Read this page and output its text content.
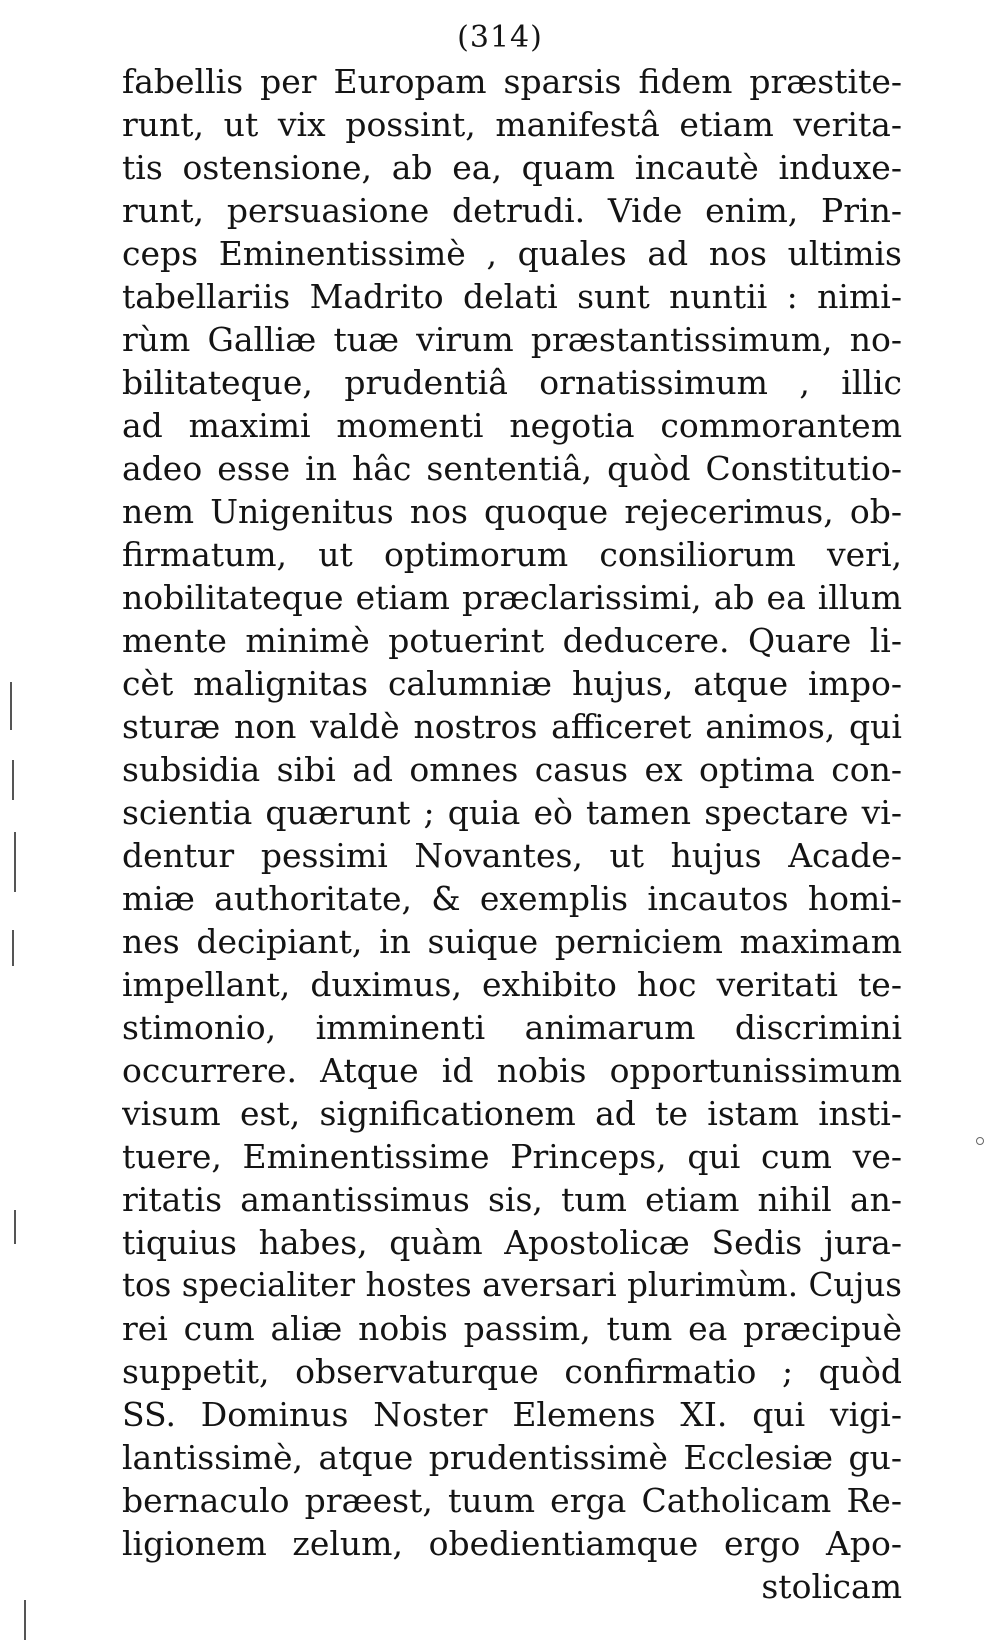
(314)
fabellis per Europam sparsis fidem præstite-
runt, ut vix possint, manifestâ etiam verita-
tis ostensione, ab ea, quam incautè induxe-
runt, persuasione detrudi. Vide enim, Prin-
ceps Eminentissimè , quales ad nos ultimis
tabellariis Madrito delati sunt nuntii : nimi-
rùm Galliæ tuæ virum præstantissimum, no-
bilitateque, prudentiâ ornatissimum , illic
ad maximi momenti negotia commorantem
adeo esse in hâc sententiâ, quòd Constitutio-
nem Unigenitus nos quoque rejecerimus, ob-
firmatum, ut optimorum consiliorum veri,
nobilitateque etiam præclarissimi, ab ea illum
mente minimè potuerint deducere. Quare li-
cèt malignitas calumniæ hujus, atque impo-
sturæ non valdè nostros afficeret animos, qui
subsidia sibi ad omnes casus ex optima con-
scientia quærunt ; quia eò tamen spectare vi-
dentur pessimi Novantes, ut hujus Acade-
miæ authoritate, & exemplis incautos homi-
nes decipiant, in suique perniciem maximam
impellant, duximus, exhibito hoc veritati te-
stimonio, imminenti animarum discrimini
occurrere. Atque id nobis opportunissimum
visum est, significationem ad te istam insti-
tuere, Eminentissime Princeps, qui cum ve-
ritatis amantissimus sis, tum etiam nihil an-
tiquius habes, quàm Apostolicæ Sedis jura-
tos specialiter hostes aversari plurimùm. Cujus
rei cum aliæ nobis passim, tum ea præcipuè
suppetit, observaturque confirmatio ; quòd
SS. Dominus Noster Elemens XI. qui vigi-
lantissimè, atque prudentissimè Ecclesiæ gu-
bernaculo præest, tuum erga Catholicam Re-
ligionem zelum, obedientiamque ergo Apo-
stolicam
